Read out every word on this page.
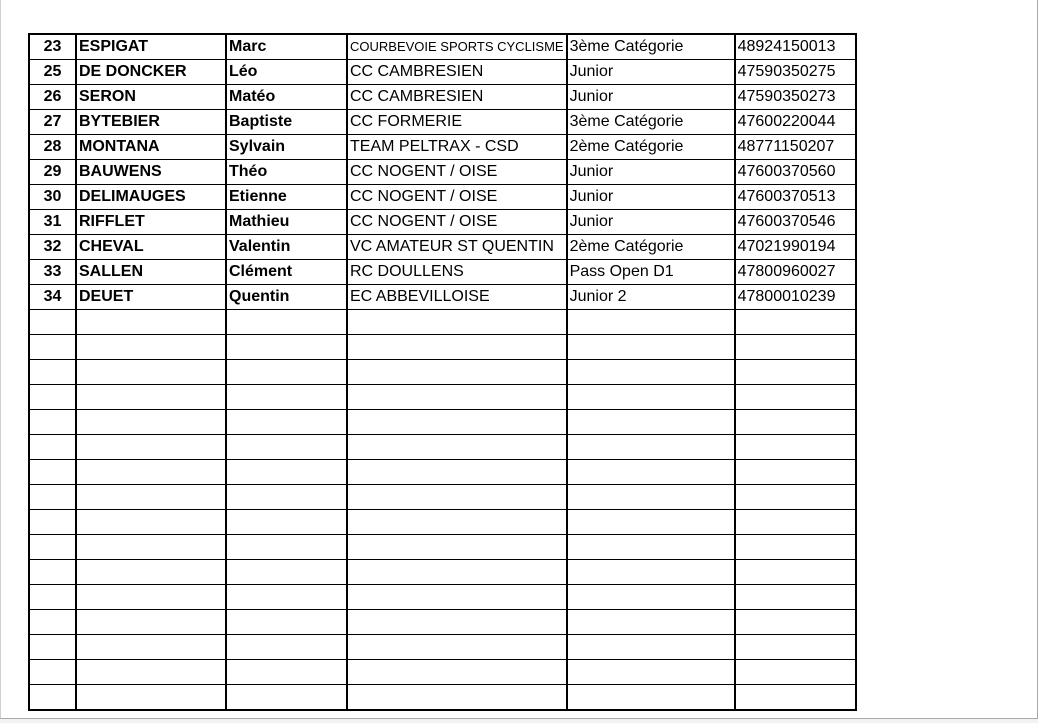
23	ESPIGAT	Marc	COURBEVOIE SPORTS CYCLISME	3ème Catégorie	48924150013
25	DE DONCKER	Léo	CC CAMBRESIEN	Junior	47590350275
26	SERON	Matéo	CC CAMBRESIEN	Junior	47590350273
27	BYTEBIER	Baptiste	CC FORMERIE	3ème Catégorie	47600220044
28	MONTANA	Sylvain	TEAM PELTRAX - CSD	2ème Catégorie	48771150207
29	BAUWENS	Théo	CC NOGENT / OISE	Junior	47600370560
30	DELIMAUGES	Etienne	CC NOGENT / OISE	Junior	47600370513
31	RIFFLET	Mathieu	CC NOGENT / OISE	Junior	47600370546
32	CHEVAL	Valentin	VC AMATEUR ST QUENTIN	2ème Catégorie	47021990194
33	SALLEN	Clément	RC DOULLENS	Pass Open D1	47800960027
34	DEUET	Quentin	EC ABBEVILLOISE	Junior 2	47800010239
